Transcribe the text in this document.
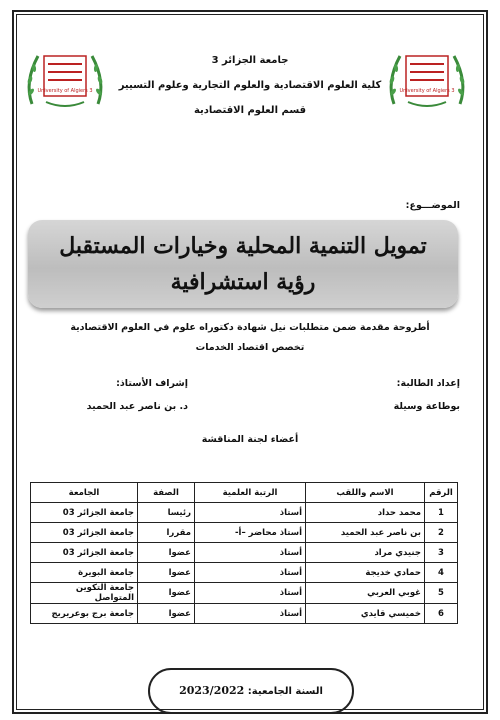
University of Algiers 3	University of Algiers 3
جامعة الجزائر 3
كلية العلوم الاقتصادية والعلوم التجارية وعلوم التسيير
قسم العلوم الاقتصادية
الموضـــوع:
تمويل التنمية المحلية وخيارات المستقبل
رؤية استشرافية
أطروحة مقدمة ضمن متطلبات نيل شهادة دكتوراه علوم في العلوم الاقتصادية
تخصص اقتصاد الخدمات
إعداد الطالبة:
بوطاعة وسيلة
إشراف الأستاذ:
د. بن ناصر عبد الحميد
أعضاء لجنة المناقشة
الرقم	الاسم واللقب	الرتبة العلمية	الصفة	الجامعة
1	محمد حداد	أستاذ	رئيسا	جامعة الجزائر 03
2	بن ناصر عبد الحميد	أستاذ محاضر –أ-	مقررا	جامعة الجزائر 03
3	جنيدي مراد	أستاذ	عضوا	جامعة الجزائر 03
4	حمادي خديجة	أستاذ	عضوا	جامعة البويرة
5	غوبي العربي	أستاذ	عضوا	جامعة التكوين المتواصل
6	خميسي قايدي	أستاذ	عضوا	جامعة برج بوعريريج
السنة الجامعية: 2023/2022
